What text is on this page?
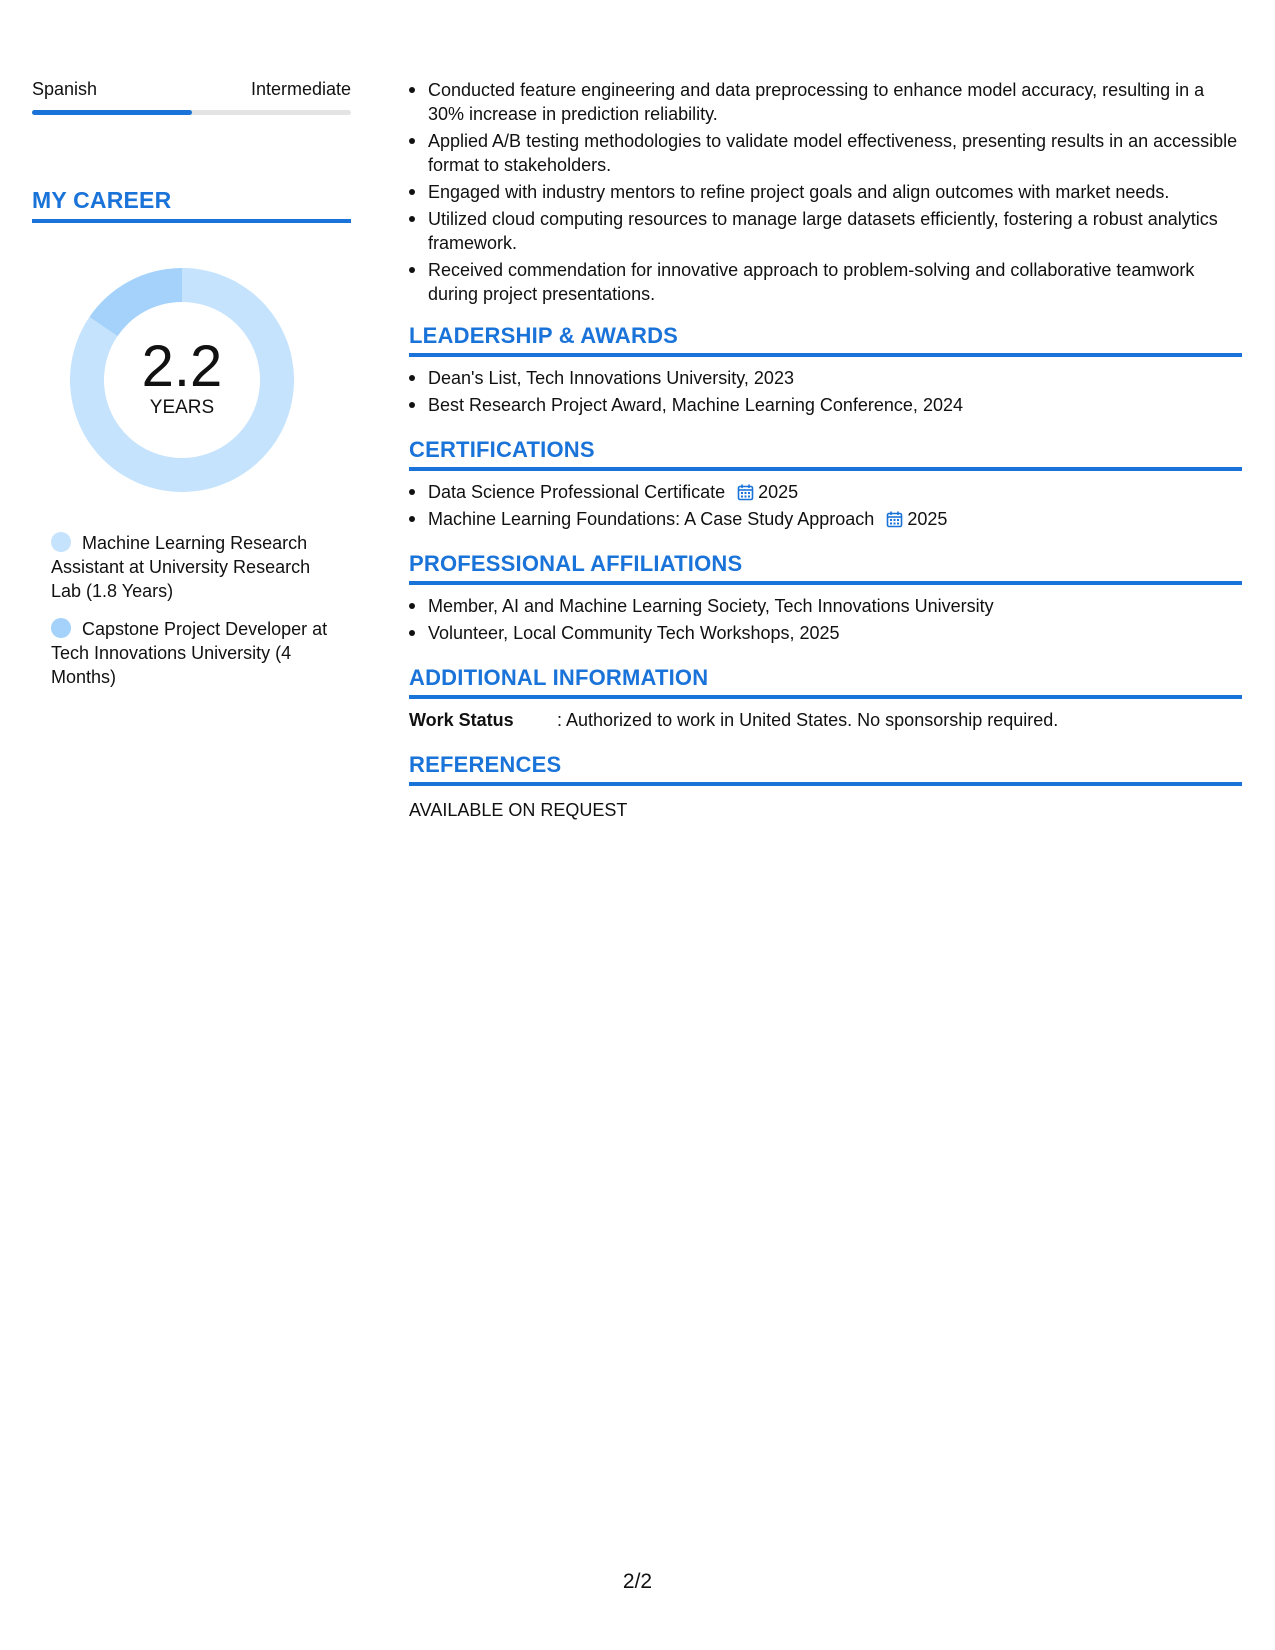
Spanish	Intermediate
MY CAREER
2.2
YEARS
Machine Learning Research Assistant at University Research Lab (1.8 Years)
Capstone Project Developer at Tech Innovations University (4 Months)
Conducted feature engineering and data preprocessing to enhance model accuracy, resulting in a 30% increase in prediction reliability.
Applied A/B testing methodologies to validate model effectiveness, presenting results in an accessible format to stakeholders.
Engaged with industry mentors to refine project goals and align outcomes with market needs.
Utilized cloud computing resources to manage large datasets efficiently, fostering a robust analytics framework.
Received commendation for innovative approach to problem-solving and collaborative teamwork during project presentations.
LEADERSHIP & AWARDS
Dean's List, Tech Innovations University, 2023
Best Research Project Award, Machine Learning Conference, 2024
CERTIFICATIONS
Data Science Professional Certificate 2025
Machine Learning Foundations: A Case Study Approach 2025
PROFESSIONAL AFFILIATIONS
Member, AI and Machine Learning Society, Tech Innovations University
Volunteer, Local Community Tech Workshops, 2025
ADDITIONAL INFORMATION
Work Status	: Authorized to work in United States. No sponsorship required.
REFERENCES
AVAILABLE ON REQUEST
2/2
